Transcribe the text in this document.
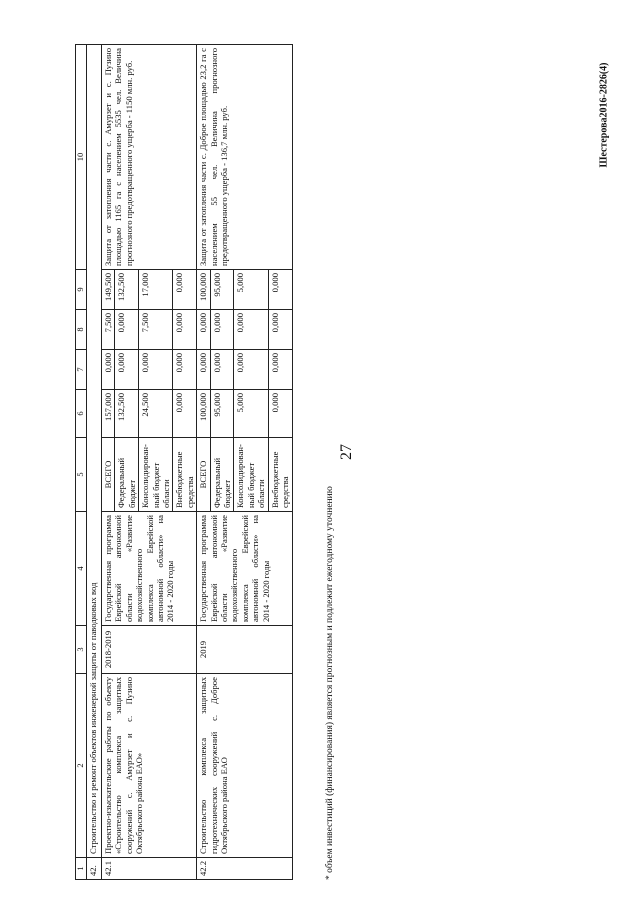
27
Шестерова2016-2826(4)
1	2	3	4	5	6	7	8	9	10
42.	Строительство и ремонт объектов инженерной защиты от паводковых вод								
42.1	Проектно-изыскательские работы по объекту «Строительство комплекса защитных сооружений с. Амурзет и с. Пузино Октябрьского района ЕАО»	2018-2019	Государственная программа Еврейской автономной области «Развитие водохозяйственного комплекса Еврейской автономной области» на 2014 - 2020 годы	ВСЕГО	157,000	0,000	7,500	149,500	Защита от затопления части с. Амурзет и с. Пузино площадью 1165 га с населением 5535 чел. Величина прогнозного предотвращенного ущерба - 1150 млн. руб.
				Федеральный бюджет	132,500	0,000	0,000	132,500	
				Консолидирован-ный бюджет области	24,500	0,000	7,500	17,000	
				Внебюджетные средства	0,000	0,000	0,000	0,000	
42.2	Строительство комплекса защитных гидротехнических сооружений с. Доброе Октябрьского района ЕАО	2019	Государственная программа Еврейской автономной области «Развитие водохозяйственного комплекса Еврейской автономной области» на 2014 - 2020 годы	ВСЕГО	100,000	0,000	0,000	100,000	Защита от затопления части с. Доброе площадью 23,2 га с населением 55 чел. Величина прогнозного предотвращенного ущерба - 136,7 млн. руб.
				Федеральный бюджет	95,000	0,000	0,000	95,000	
				Консолидирован-ный бюджет области	5,000	0,000	0,000	5,000	
				Внебюджетные средства	0,000	0,000	0,000	0,000	
* объем инвестиций (финансирования) является прогнозным и подлежит ежегодному уточнению
